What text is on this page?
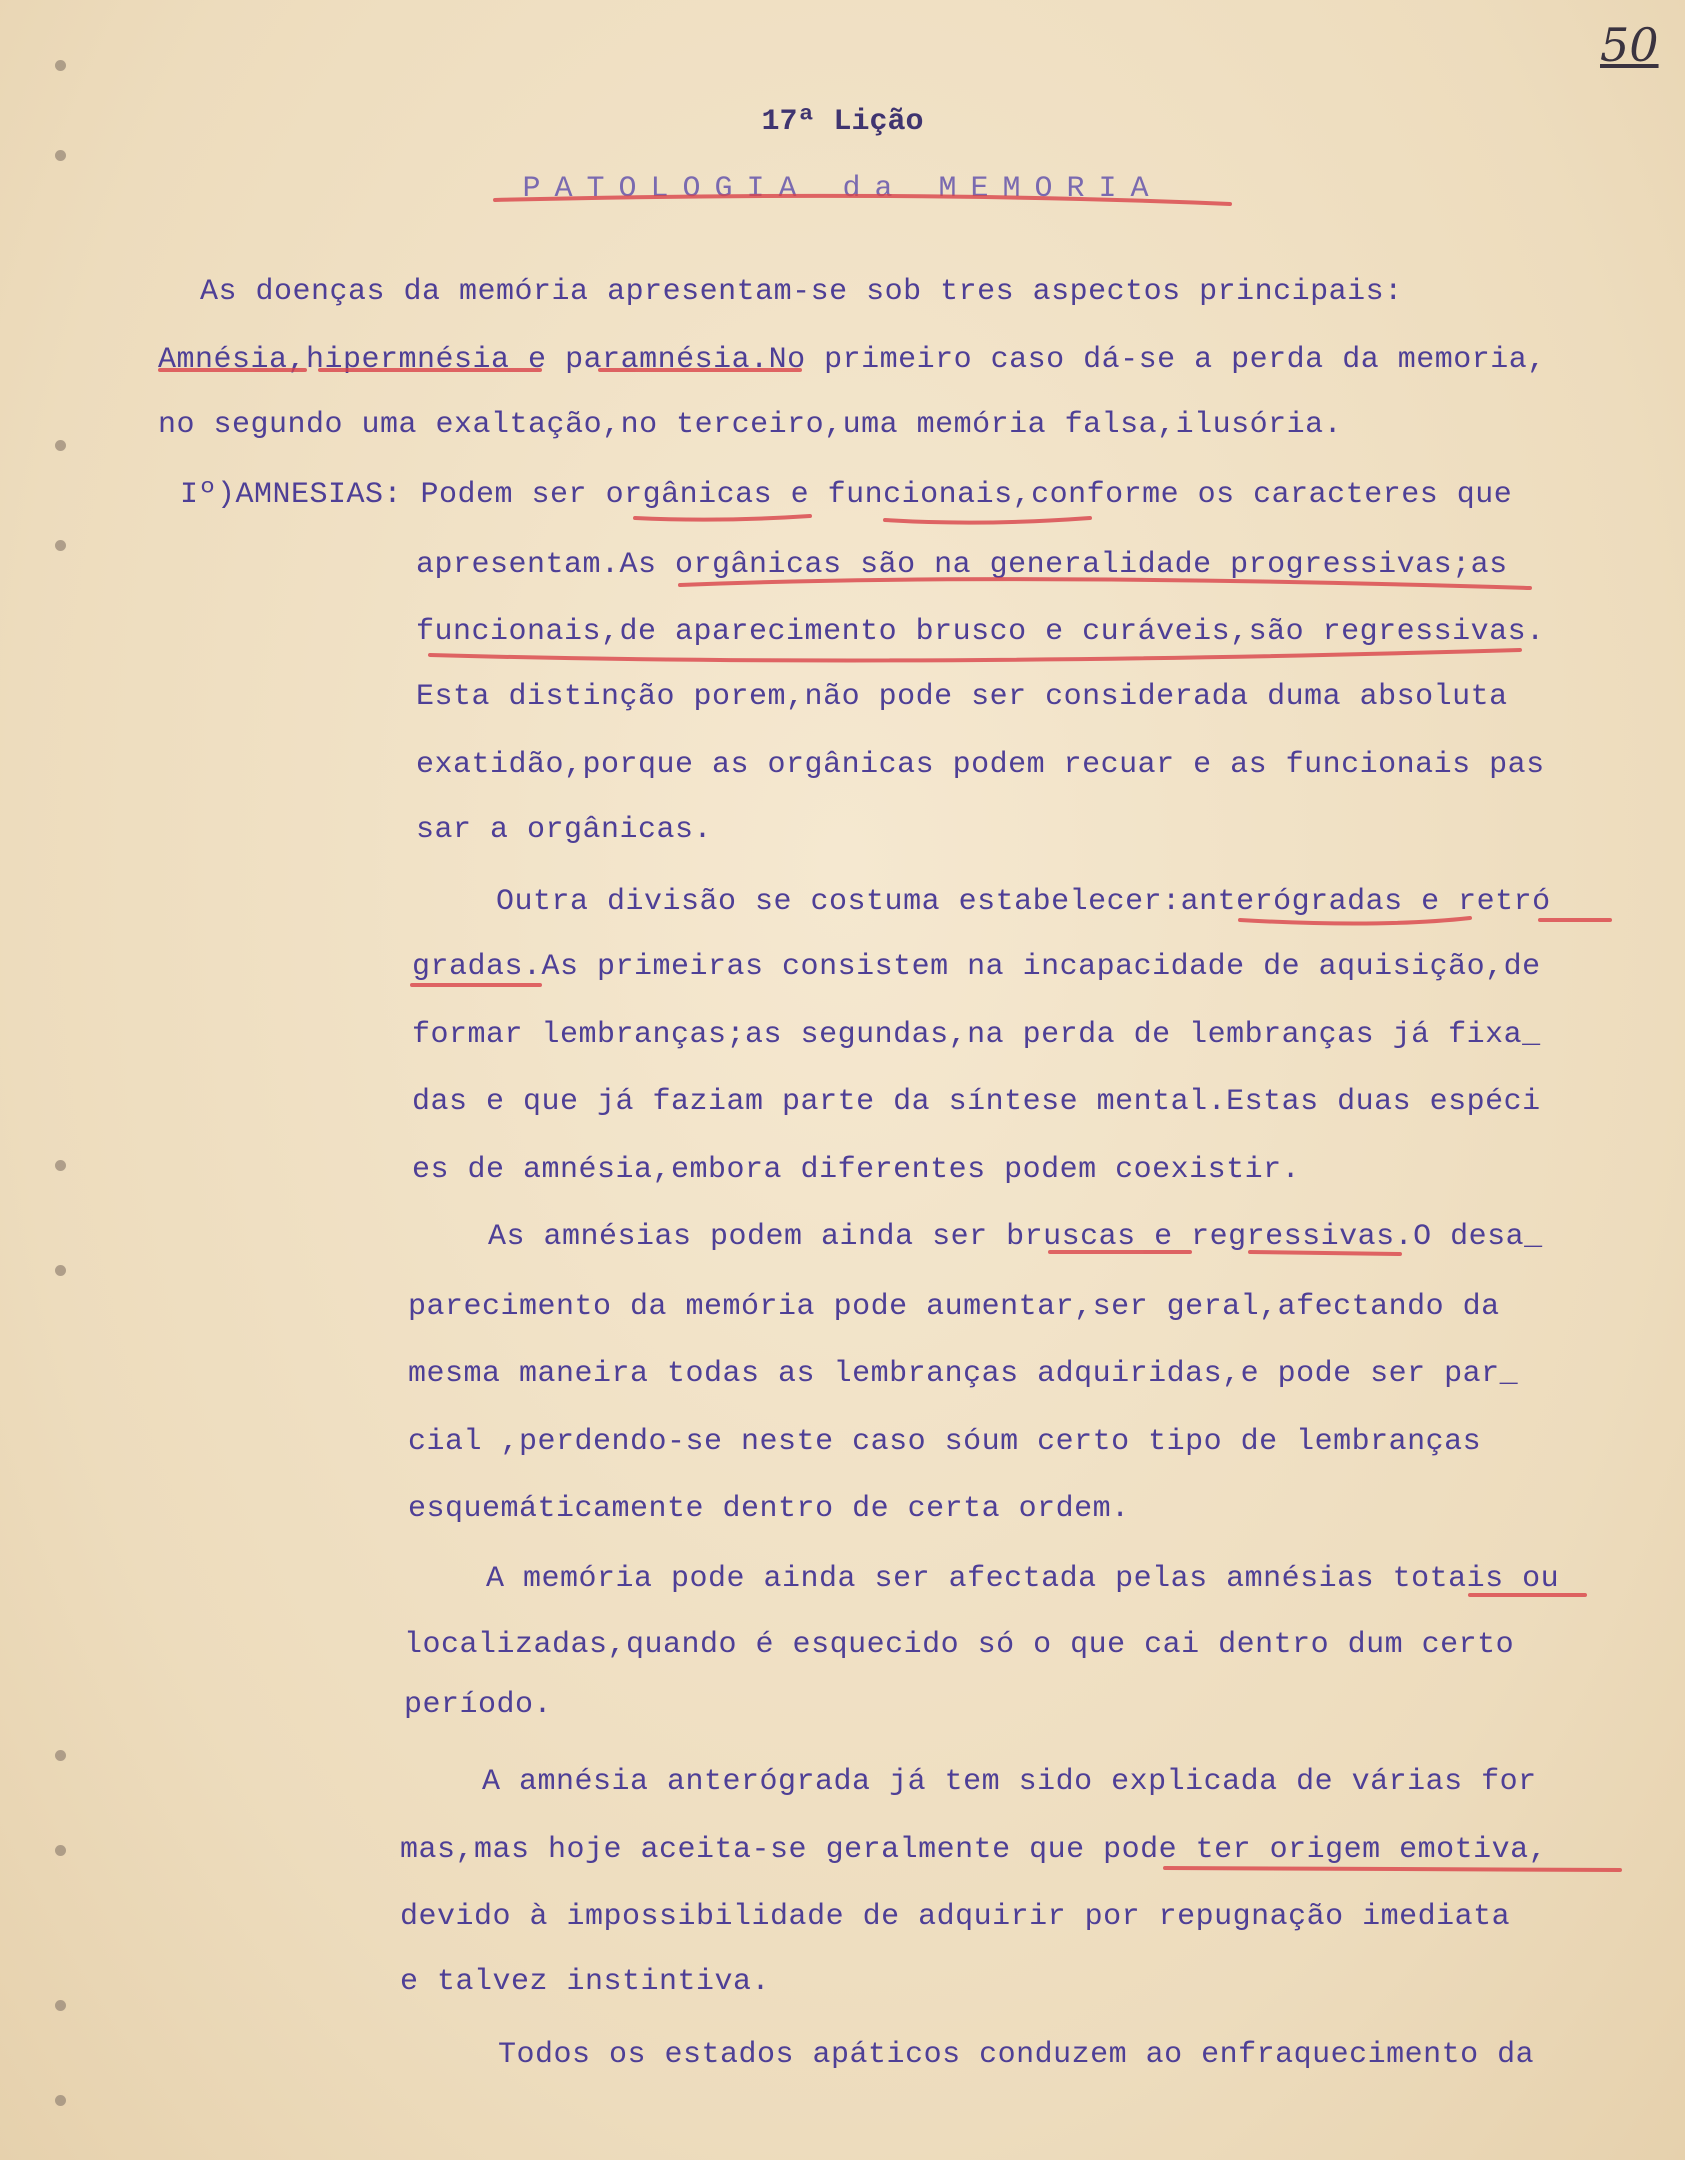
50
17ª Lição
PATOLOGIA da MEMORIA
As doenças da memória apresentam-se sob tres aspectos principais:
Amnésia,hipermnésia e paramnésia.No primeiro caso dá-se a perda da memoria,
no segundo uma exaltação,no terceiro,uma memória falsa,ilusória.
Iº)AMNESIAS: Podem ser orgânicas e funcionais,conforme os caracteres que
apresentam.As orgânicas são na generalidade progressivas;as
funcionais,de aparecimento brusco e curáveis,são regressivas.
Esta distinção porem,não pode ser considerada duma absoluta
exatidão,porque as orgânicas podem recuar e as funcionais pas
sar a orgânicas.
Outra divisão se costuma estabelecer:anterógradas e retró
gradas.As primeiras consistem na incapacidade de aquisição,de
formar lembranças;as segundas,na perda de lembranças já fixa_
das e que já faziam parte da síntese mental.Estas duas espéci
es de amnésia,embora diferentes podem coexistir.
As amnésias podem ainda ser bruscas e regressivas.O desa_
parecimento da memória pode aumentar,ser geral,afectando da
mesma maneira todas as lembranças adquiridas,e pode ser par_
cial ,perdendo-se neste caso sóum certo tipo de lembranças
esquemáticamente dentro de certa ordem.
A memória pode ainda ser afectada pelas amnésias totais ou
localizadas,quando é esquecido só o que cai dentro dum certo
período.
A amnésia anterógrada já tem sido explicada de várias for
mas,mas hoje aceita-se geralmente que pode ter origem emotiva,
devido à impossibilidade de adquirir por repugnação imediata
e talvez instintiva.
Todos os estados apáticos conduzem ao enfraquecimento da
